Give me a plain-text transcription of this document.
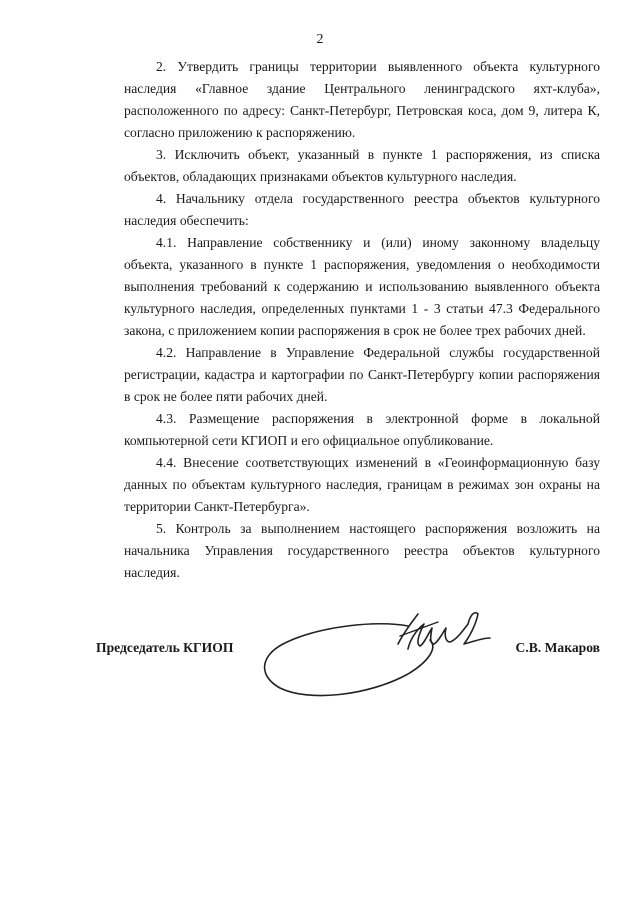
2

2. Утвердить границы территории выявленного объекта культурного наследия «Главное здание Центрального ленинградского яхт-клуба», расположенного по адресу: Санкт-Петербург, Петровская коса, дом 9, литера К, согласно приложению к распоряжению.

3. Исключить объект, указанный в пункте 1 распоряжения, из списка объектов, обладающих признаками объектов культурного наследия.

4. Начальнику отдела государственного реестра объектов культурного наследия обеспечить:

4.1. Направление собственнику и (или) иному законному владельцу объекта, указанного в пункте 1 распоряжения, уведомления о необходимости выполнения требований к содержанию и использованию выявленного объекта культурного наследия, определенных пунктами 1 - 3 статьи 47.3 Федерального закона, с приложением копии распоряжения в срок не более трех рабочих дней.

4.2. Направление в Управление Федеральной службы государственной регистрации, кадастра и картографии по Санкт-Петербургу копии распоряжения в срок не более пяти рабочих дней.

4.3. Размещение распоряжения в электронной форме в локальной компьютерной сети КГИОП и его официальное опубликование.

4.4. Внесение соответствующих изменений в «Геоинформационную базу данных по объектам культурного наследия, границам в режимах зон охраны на территории Санкт-Петербурга».

5. Контроль за выполнением настоящего распоряжения возложить на начальника Управления государственного реестра объектов культурного наследия.

Председатель КГИОП	С.В. Макаров
